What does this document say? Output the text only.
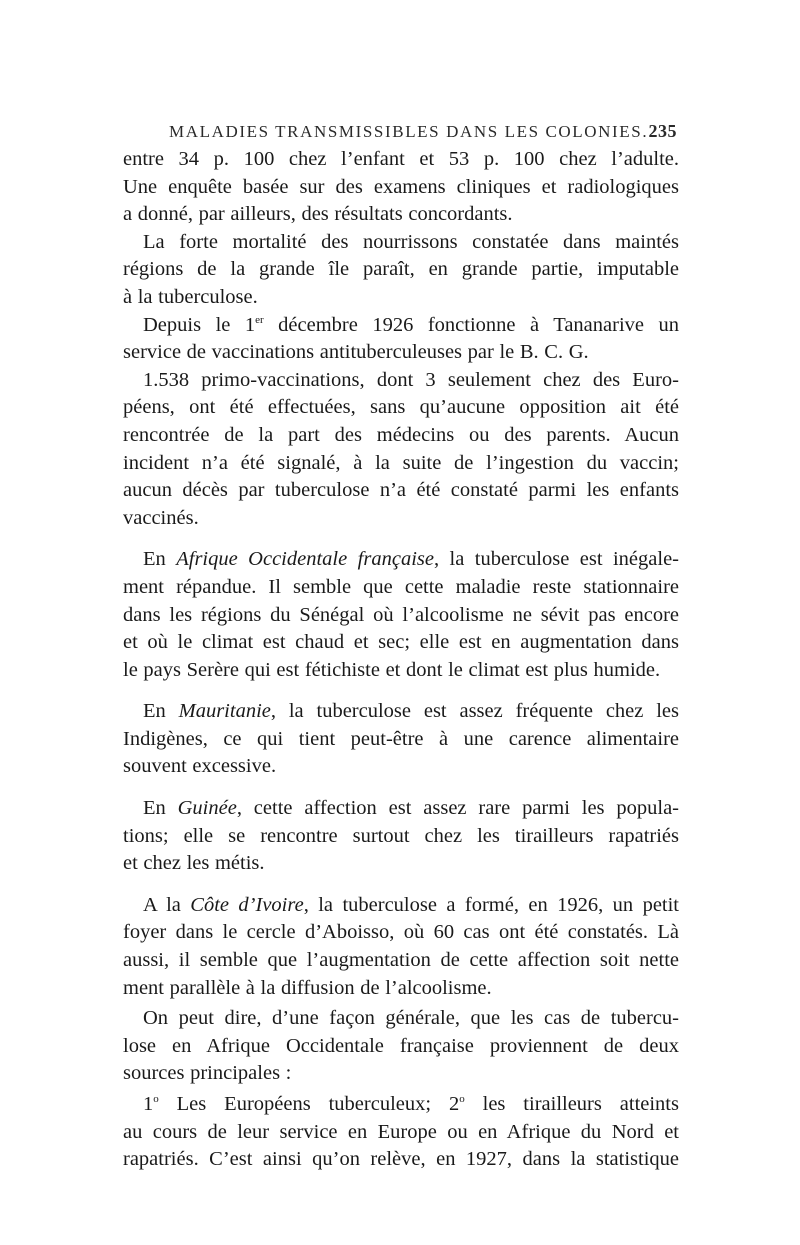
MALADIES TRANSMISSIBLES DANS LES COLONIES. 235

entre 34 p. 100 chez l’enfant et 53 p. 100 chez l’adulte.
Une enquête basée sur des examens cliniques et radiologiques
a donné, par ailleurs, des résultats concordants.

La forte mortalité des nourrissons constatée dans maintés
régions de la grande île paraît, en grande partie, imputable
à la tuberculose.

Depuis le 1er décembre 1926 fonctionne à Tananarive un
service de vaccinations antituberculeuses par le B. C. G.

1.538 primo-vaccinations, dont 3 seulement chez des Euro-
péens, ont été effectuées, sans qu’aucune opposition ait été
rencontrée de la part des médecins ou des parents. Aucun
incident n’a été signalé, à la suite de l’ingestion du vaccin;
aucun décès par tuberculose n’a été constaté parmi les enfants
vaccinés.

En Afrique Occidentale française, la tuberculose est inégale-
ment répandue. Il semble que cette maladie reste stationnaire
dans les régions du Sénégal où l’alcoolisme ne sévit pas encore
et où le climat est chaud et sec; elle est en augmentation dans
le pays Serère qui est fétichiste et dont le climat est plus humide.

En Mauritanie, la tuberculose est assez fréquente chez les
Indigènes, ce qui tient peut-être à une carence alimentaire
souvent excessive.

En Guinée, cette affection est assez rare parmi les popula-
tions; elle se rencontre surtout chez les tirailleurs rapatriés
et chez les métis.

A la Côte d’Ivoire, la tuberculose a formé, en 1926, un petit
foyer dans le cercle d’Aboisso, où 60 cas ont été constatés. Là
aussi, il semble que l’augmentation de cette affection soit nette
ment parallèle à la diffusion de l’alcoolisme.

On peut dire, d’une façon générale, que les cas de tubercu-
lose en Afrique Occidentale française proviennent de deux
sources principales :

1$^o$ Les Européens tuberculeux; 2$^o$ les tirailleurs atteints
au cours de leur service en Europe ou en Afrique du Nord et
rapatriés. C’est ainsi qu’on relève, en 1927, dans la statistique
